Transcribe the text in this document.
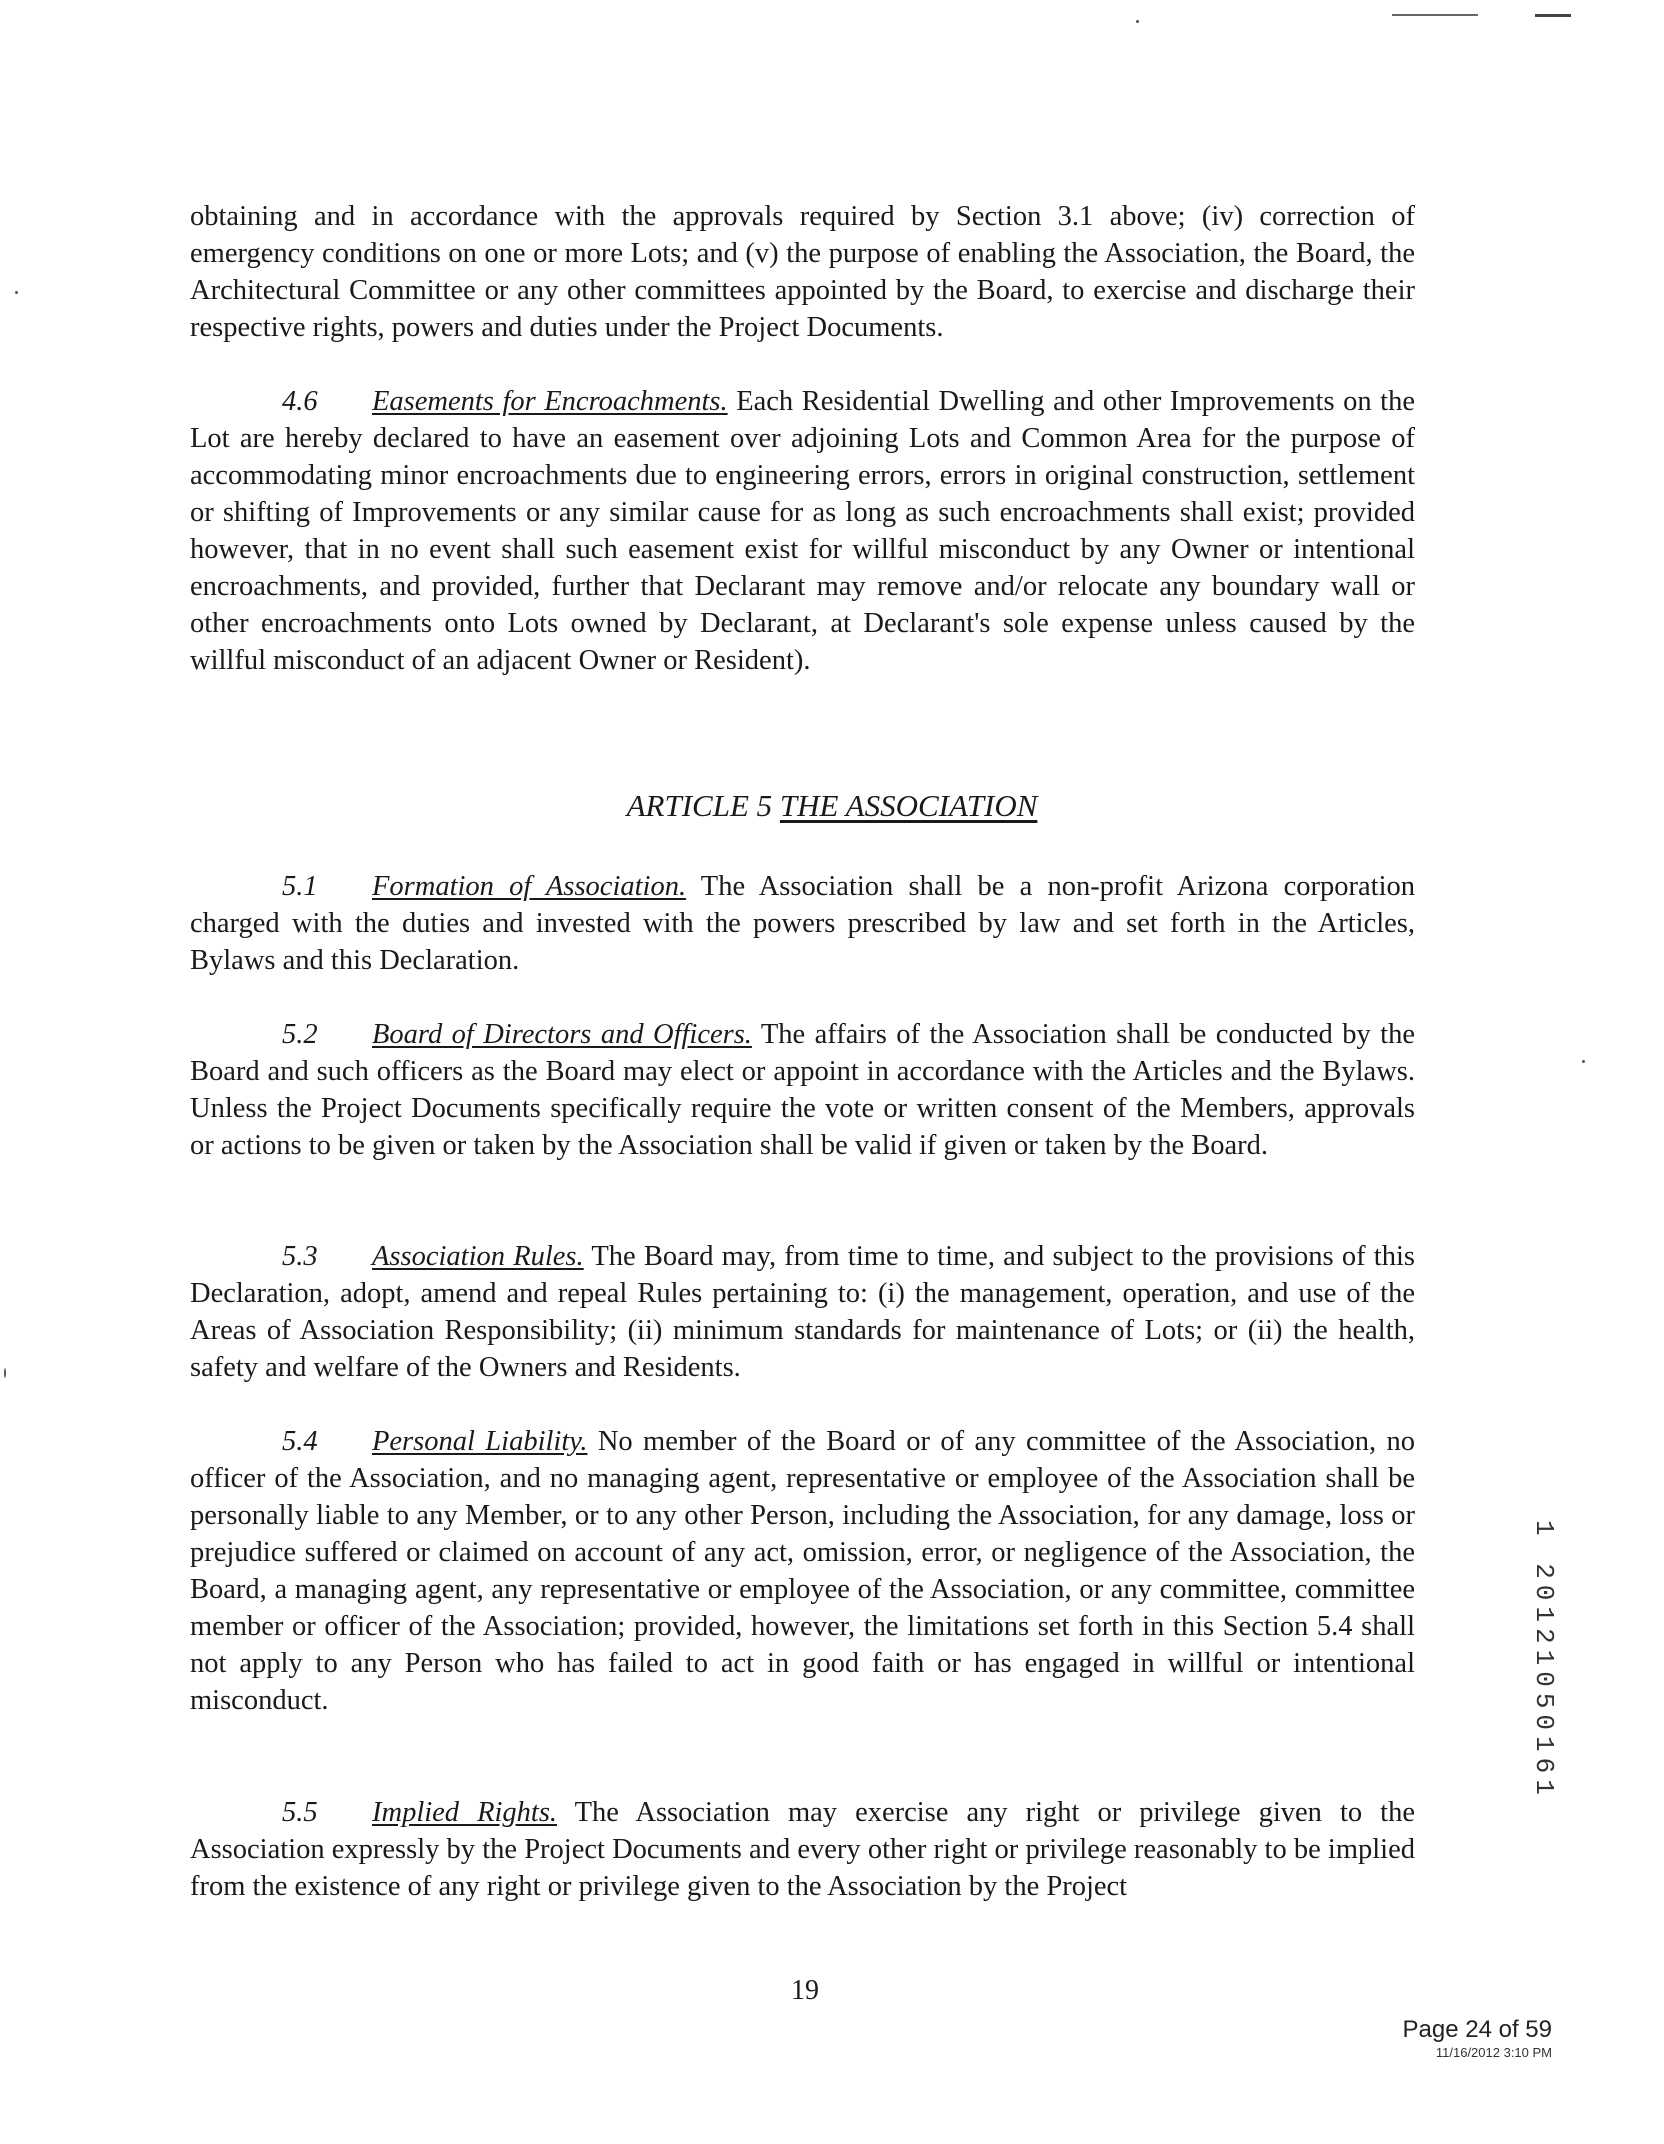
obtaining and in accordance with the approvals required by Section 3.1 above; (iv) correction of emergency conditions on one or more Lots; and (v) the purpose of enabling the Association, the Board, the Architectural Committee or any other committees appointed by the Board, to exercise and discharge their respective rights, powers and duties under the Project Documents.

4.6 Easements for Encroachments. Each Residential Dwelling and other Improvements on the Lot are hereby declared to have an easement over adjoining Lots and Common Area for the purpose of accommodating minor encroachments due to engineering errors, errors in original construction, settlement or shifting of Improvements or any similar cause for as long as such encroachments shall exist; provided however, that in no event shall such easement exist for willful misconduct by any Owner or intentional encroachments, and provided, further that Declarant may remove and/or relocate any boundary wall or other encroachments onto Lots owned by Declarant, at Declarant's sole expense unless caused by the willful misconduct of an adjacent Owner or Resident).

ARTICLE 5 THE ASSOCIATION

5.1 Formation of Association. The Association shall be a non-profit Arizona corporation charged with the duties and invested with the powers prescribed by law and set forth in the Articles, Bylaws and this Declaration.

5.2 Board of Directors and Officers. The affairs of the Association shall be conducted by the Board and such officers as the Board may elect or appoint in accordance with the Articles and the Bylaws. Unless the Project Documents specifically require the vote or written consent of the Members, approvals or actions to be given or taken by the Association shall be valid if given or taken by the Board.

5.3 Association Rules. The Board may, from time to time, and subject to the provisions of this Declaration, adopt, amend and repeal Rules pertaining to: (i) the management, operation, and use of the Areas of Association Responsibility; (ii) minimum standards for maintenance of Lots; or (ii) the health, safety and welfare of the Owners and Residents.

5.4 Personal Liability. No member of the Board or of any committee of the Association, no officer of the Association, and no managing agent, representative or employee of the Association shall be personally liable to any Member, or to any other Person, including the Association, for any damage, loss or prejudice suffered or claimed on account of any act, omission, error, or negligence of the Association, the Board, a managing agent, any representative or employee of the Association, or any committee, committee member or officer of the Association; provided, however, the limitations set forth in this Section 5.4 shall not apply to any Person who has failed to act in good faith or has engaged in willful or intentional misconduct.

5.5 Implied Rights. The Association may exercise any right or privilege given to the Association expressly by the Project Documents and every other right or privilege reasonably to be implied from the existence of any right or privilege given to the Association by the Project

1 20121050161
19
Page 24 of 59
11/16/2012 3:10 PM
